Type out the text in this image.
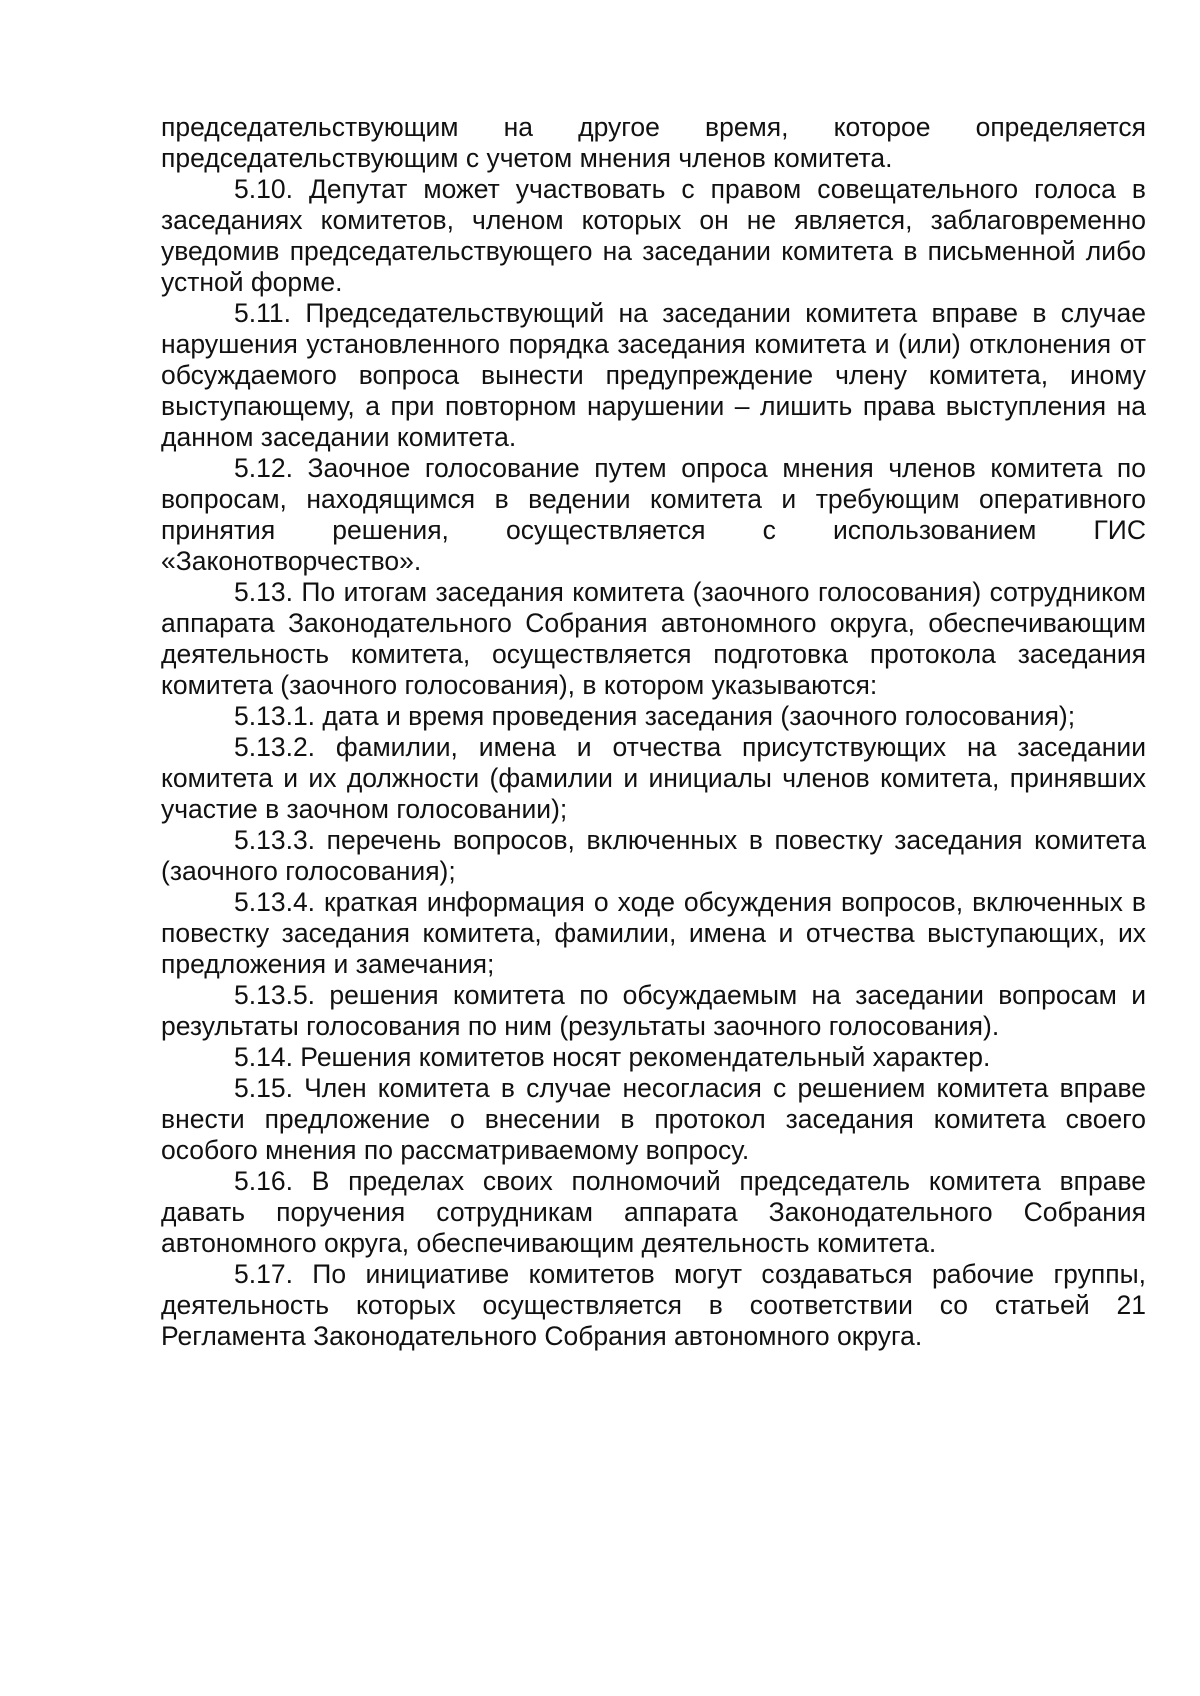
председательствующим на другое время, которое определяется председательствующим с учетом мнения членов комитета.

5.10. Депутат может участвовать с правом совещательного голоса в заседаниях комитетов, членом которых он не является, заблаговременно уведомив председательствующего на заседании комитета в письменной либо устной форме.

5.11. Председательствующий на заседании комитета вправе в случае нарушения установленного порядка заседания комитета и (или) отклонения от обсуждаемого вопроса вынести предупреждение члену комитета, иному выступающему, а при повторном нарушении – лишить права выступления на данном заседании комитета.

5.12. Заочное голосование путем опроса мнения членов комитета по вопросам, находящимся в ведении комитета и требующим оперативного принятия решения, осуществляется с использованием ГИС «Законотворчество».

5.13. По итогам заседания комитета (заочного голосования) сотрудником аппарата Законодательного Собрания автономного округа, обеспечивающим деятельность комитета, осуществляется подготовка протокола заседания комитета (заочного голосования), в котором указываются:

5.13.1. дата и время проведения заседания (заочного голосования);

5.13.2. фамилии, имена и отчества присутствующих на заседании комитета и их должности (фамилии и инициалы членов комитета, принявших участие в заочном голосовании);

5.13.3. перечень вопросов, включенных в повестку заседания комитета (заочного голосования);

5.13.4. краткая информация о ходе обсуждения вопросов, включенных в повестку заседания комитета, фамилии, имена и отчества выступающих, их предложения и замечания;

5.13.5. решения комитета по обсуждаемым на заседании вопросам и результаты голосования по ним (результаты заочного голосования).

5.14. Решения комитетов носят рекомендательный характер.

5.15. Член комитета в случае несогласия с решением комитета вправе внести предложение о внесении в протокол заседания комитета своего особого мнения по рассматриваемому вопросу.

5.16. В пределах своих полномочий председатель комитета вправе давать поручения сотрудникам аппарата Законодательного Собрания автономного округа, обеспечивающим деятельность комитета.

5.17. По инициативе комитетов могут создаваться рабочие группы, деятельность которых осуществляется в соответствии со статьей 21 Регламента Законодательного Собрания автономного округа.
